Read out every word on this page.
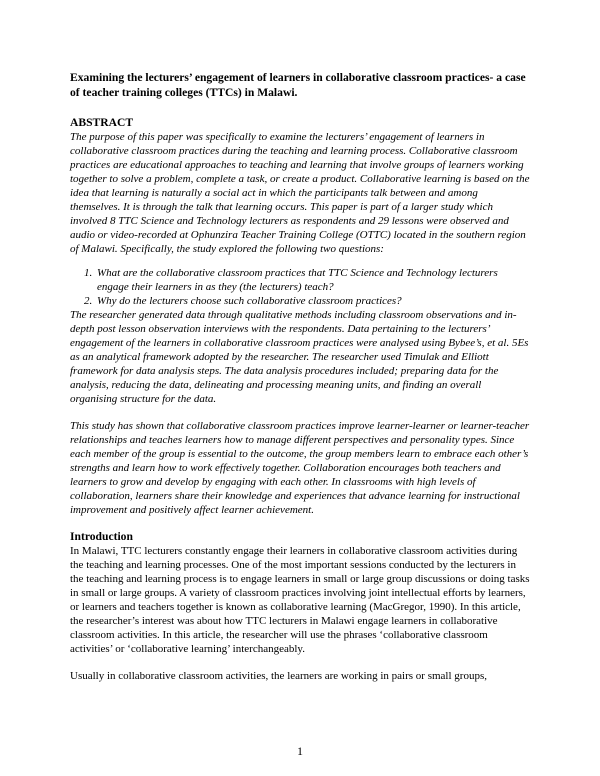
Examining the lecturers’ engagement of learners in collaborative classroom practices- a case of teacher training colleges (TTCs) in Malawi.

ABSTRACT

The purpose of this paper was specifically to examine the lecturers’ engagement of learners in collaborative classroom practices during the teaching and learning process. Collaborative classroom practices are educational approaches to teaching and learning that involve groups of learners working together to solve a problem, complete a task, or create a product. Collaborative learning is based on the idea that learning is naturally a social act in which the participants talk between and among themselves. It is through the talk that learning occurs. This paper is part of a larger study which involved 8 TTC Science and Technology lecturers as respondents and 29 lessons were observed and audio or video-recorded at Ophunzira Teacher Training College (OTTC) located in the southern region of Malawi. Specifically, the study explored the following two questions:

1. What are the collaborative classroom practices that TTC Science and Technology lecturers engage their learners in as they (the lecturers) teach?
2. Why do the lecturers choose such collaborative classroom practices?

The researcher generated data through qualitative methods including classroom observations and in-depth post lesson observation interviews with the respondents. Data pertaining to the lecturers’ engagement of the learners in collaborative classroom practices were analysed using Bybee’s, et al. 5Es as an analytical framework adopted by the researcher. The researcher used Timulak and Elliott framework for data analysis steps. The data analysis procedures included; preparing data for the analysis, reducing the data, delineating and processing meaning units, and finding an overall organising structure for the data.

This study has shown that collaborative classroom practices improve learner-learner or learner-teacher relationships and teaches learners how to manage different perspectives and personality types. Since each member of the group is essential to the outcome, the group members learn to embrace each other’s strengths and learn how to work effectively together. Collaboration encourages both teachers and learners to grow and develop by engaging with each other. In classrooms with high levels of collaboration, learners share their knowledge and experiences that advance learning for instructional improvement and positively affect learner achievement.

Introduction

In Malawi, TTC lecturers constantly engage their learners in collaborative classroom activities during the teaching and learning processes. One of the most important sessions conducted by the lecturers in the teaching and learning process is to engage learners in small or large group discussions or doing tasks in small or large groups. A variety of classroom practices involving joint intellectual efforts by learners, or learners and teachers together is known as collaborative learning (MacGregor, 1990). In this article, the researcher’s interest was about how TTC lecturers in Malawi engage learners in collaborative classroom activities. In this article, the researcher will use the phrases ‘collaborative classroom activities’ or ‘collaborative learning’ interchangeably.

Usually in collaborative classroom activities, the learners are working in pairs or small groups,

1
